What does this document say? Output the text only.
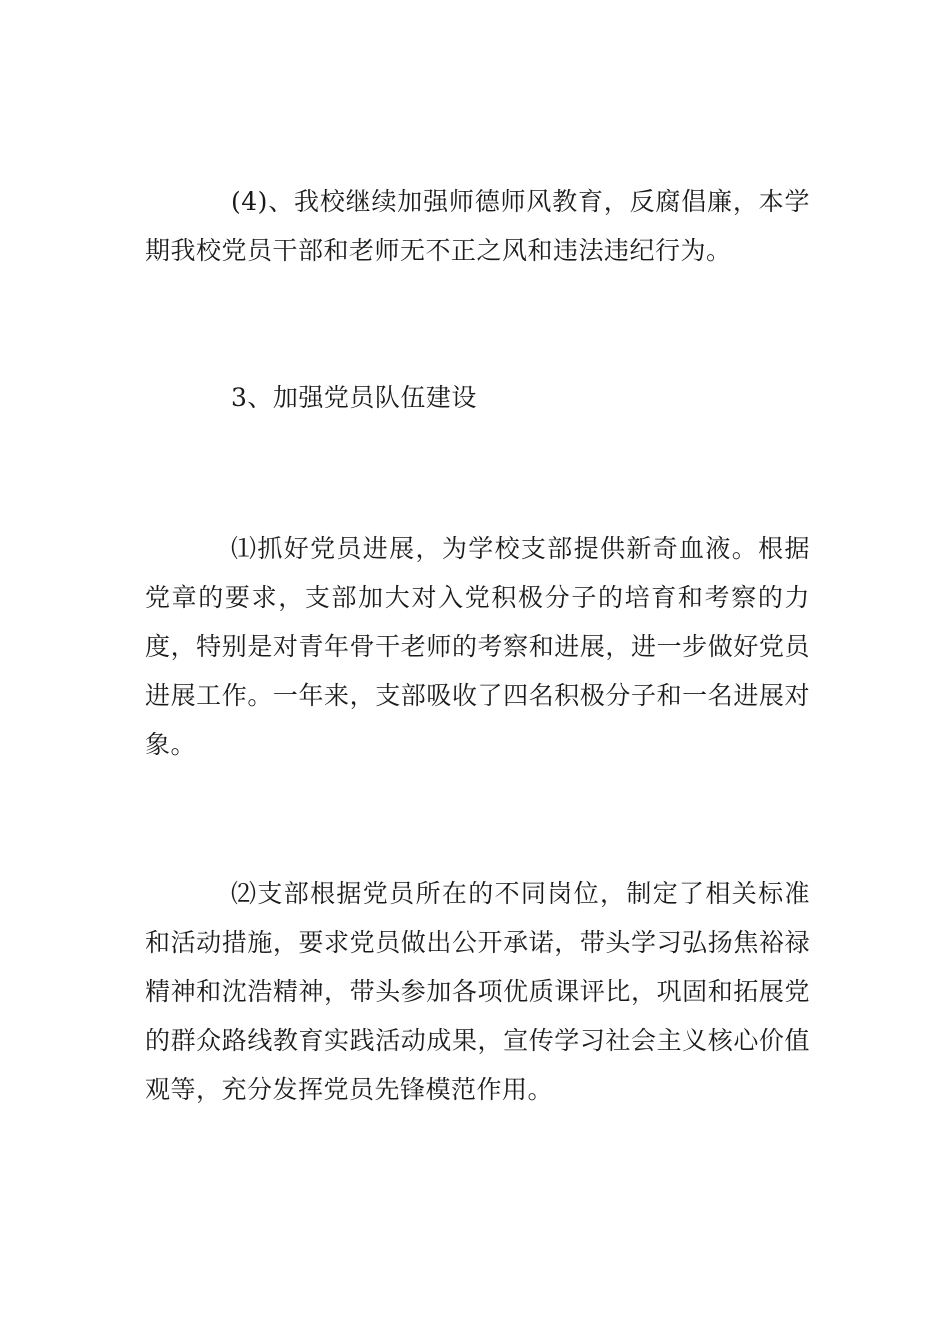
(4)、我校继续加强师德师风教育，反腐倡廉，本学期我校党员干部和老师无不正之风和违法违纪行为。

3、加强党员队伍建设

⑴抓好党员进展，为学校支部提供新奇血液。根据党章的要求，支部加大对入党积极分子的培育和考察的力度，特别是对青年骨干老师的考察和进展，进一步做好党员进展工作。一年来，支部吸收了四名积极分子和一名进展对象。

⑵支部根据党员所在的不同岗位，制定了相关标准和活动措施，要求党员做出公开承诺，带头学习弘扬焦裕禄精神和沈浩精神，带头参加各项优质课评比，巩固和拓展党的群众路线教育实践活动成果，宣传学习社会主义核心价值观等，充分发挥党员先锋模范作用。
